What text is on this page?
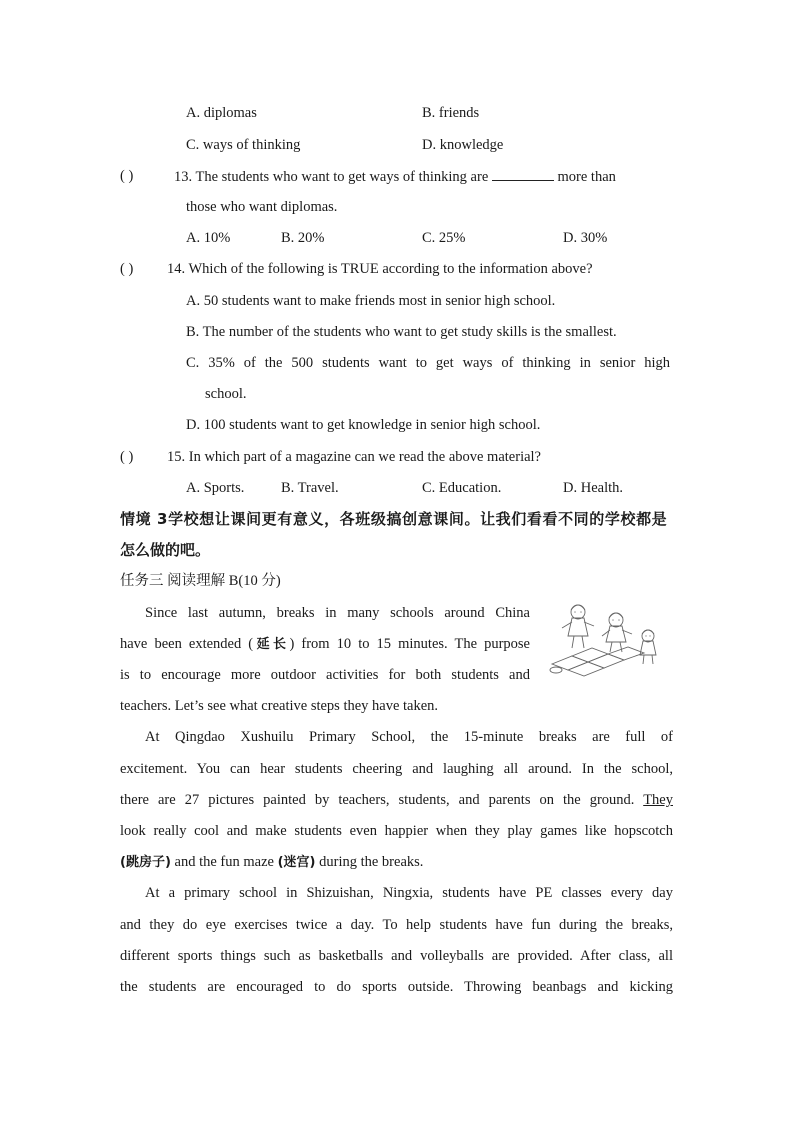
A. diplomas	B. friends
C. ways of thinking	D. knowledge
( )	13. The students who want to get ways of thinking are	more than
those who want diplomas.
A. 10%	B. 20%	C. 25%	D. 30%
( ) 14. Which of the following is TRUE according to the information above?
A. 50 students want to make friends most in senior high school.
B. The number of the students who want to get study skills is the smallest.
C. 35% of the 500 students want to get ways of thinking in senior high
school.
D. 100 students want to get knowledge in senior high school.
( ) 15. In which part of a magazine can we read the above material?
A. Sports.	B. Travel.	C. Education.	D. Health.
情境 3学校想让课间更有意义，各班级搞创意课间。让我们看看不同的学校都是
怎么做的吧。
任务三 阅读理解 B(10 分)
Since last autumn, breaks in many schools around China
have been extended (延长) from 10 to 15 minutes. The purpose
is to encourage more outdoor activities for both students and
teachers. Let’s see what creative steps they have taken.
At Qingdao Xushuilu Primary School, the 15-minute breaks are full of
excitement. You can hear students cheering and laughing all around. In the school,
there are 27 pictures painted by teachers, students, and parents on the ground. They
look really cool and make students even happier when they play games like hopscotch
(跳房子) and the fun maze (迷宫) during the breaks.
At a primary school in Shizuishan, Ningxia, students have PE classes every day
and they do eye exercises twice a day. To help students have fun during the breaks,
different sports things such as basketballs and volleyballs are provided. After class, all
the students are encouraged to do sports outside. Throwing beanbags and kicking
